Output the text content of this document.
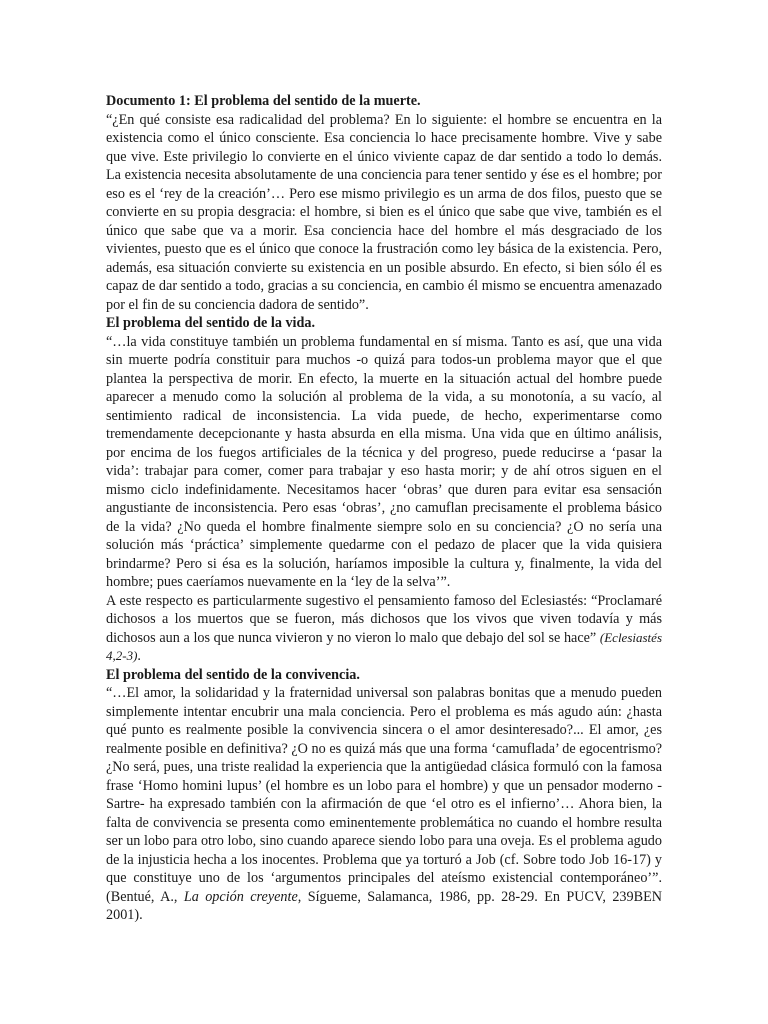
Documento 1: El problema del sentido de la muerte.

“¿En qué consiste esa radicalidad del problema? En lo siguiente: el hombre se encuentra en la existencia como el único consciente. Esa conciencia lo hace precisamente hombre. Vive y sabe que vive. Este privilegio lo convierte en el único viviente capaz de dar sentido a todo lo demás. La existencia necesita absolutamente de una conciencia para tener sentido y ése es el hombre; por eso es el ‘rey de la creación’… Pero ese mismo privilegio es un arma de dos filos, puesto que se convierte en su propia desgracia: el hombre, si bien es el único que sabe que vive, también es el único que sabe que va a morir. Esa conciencia hace del hombre el más desgraciado de los vivientes, puesto que es el único que conoce la frustración como ley básica de la existencia. Pero, además, esa situación convierte su existencia en un posible absurdo. En efecto, si bien sólo él es capaz de dar sentido a todo, gracias a su conciencia, en cambio él mismo se encuentra amenazado por el fin de su conciencia dadora de sentido”.

El problema del sentido de la vida.

“…la vida constituye también un problema fundamental en sí misma. Tanto es así, que una vida sin muerte podría constituir para muchos -o quizá para todos-un problema mayor que el que plantea la perspectiva de morir. En efecto, la muerte en la situación actual del hombre puede aparecer a menudo como la solución al problema de la vida, a su monotonía, a su vacío, al sentimiento radical de inconsistencia. La vida puede, de hecho, experimentarse como tremendamente decepcionante y hasta absurda en ella misma. Una vida que en último análisis, por encima de los fuegos artificiales de la técnica y del progreso, puede reducirse a ‘pasar la vida’: trabajar para comer, comer para trabajar y eso hasta morir; y de ahí otros siguen en el mismo ciclo indefinidamente. Necesitamos hacer ‘obras’ que duren para evitar esa sensación angustiante de inconsistencia. Pero esas ‘obras’, ¿no camuflan precisamente el problema básico de la vida? ¿No queda el hombre finalmente siempre solo en su conciencia? ¿O no sería una solución más ‘práctica’ simplemente quedarme con el pedazo de placer que la vida quisiera brindarme? Pero si ésa es la solución, haríamos imposible la cultura y, finalmente, la vida del hombre; pues caeríamos nuevamente en la ‘ley de la selva’”.

A este respecto es particularmente sugestivo el pensamiento famoso del Eclesiastés: “Proclamaré dichosos a los muertos que se fueron, más dichosos que los vivos que viven todavía y más dichosos aun a los que nunca vivieron y no vieron lo malo que debajo del sol se hace” (Eclesiastés 4,2-3).

El problema del sentido de la convivencia.

“…El amor, la solidaridad y la fraternidad universal son palabras bonitas que a menudo pueden simplemente intentar encubrir una mala conciencia. Pero el problema es más agudo aún: ¿hasta qué punto es realmente posible la convivencia sincera o el amor desinteresado?... El amor, ¿es realmente posible en definitiva? ¿O no es quizá más que una forma ‘camuflada’ de egocentrismo? ¿No será, pues, una triste realidad la experiencia que la antigüedad clásica formuló con la famosa frase ‘Homo homini lupus’ (el hombre es un lobo para el hombre) y que un pensador moderno -Sartre- ha expresado también con la afirmación de que ‘el otro es el infierno’… Ahora bien, la falta de convivencia se presenta como eminentemente problemática no cuando el hombre resulta ser un lobo para otro lobo, sino cuando aparece siendo lobo para una oveja. Es el problema agudo de la injusticia hecha a los inocentes. Problema que ya torturó a Job (cf. Sobre todo Job 16-17) y que constituye uno de los ‘argumentos principales del ateísmo existencial contemporáneo’”. (Bentué, A., La opción creyente, Sígueme, Salamanca, 1986, pp. 28-29. En PUCV, 239BEN 2001).
